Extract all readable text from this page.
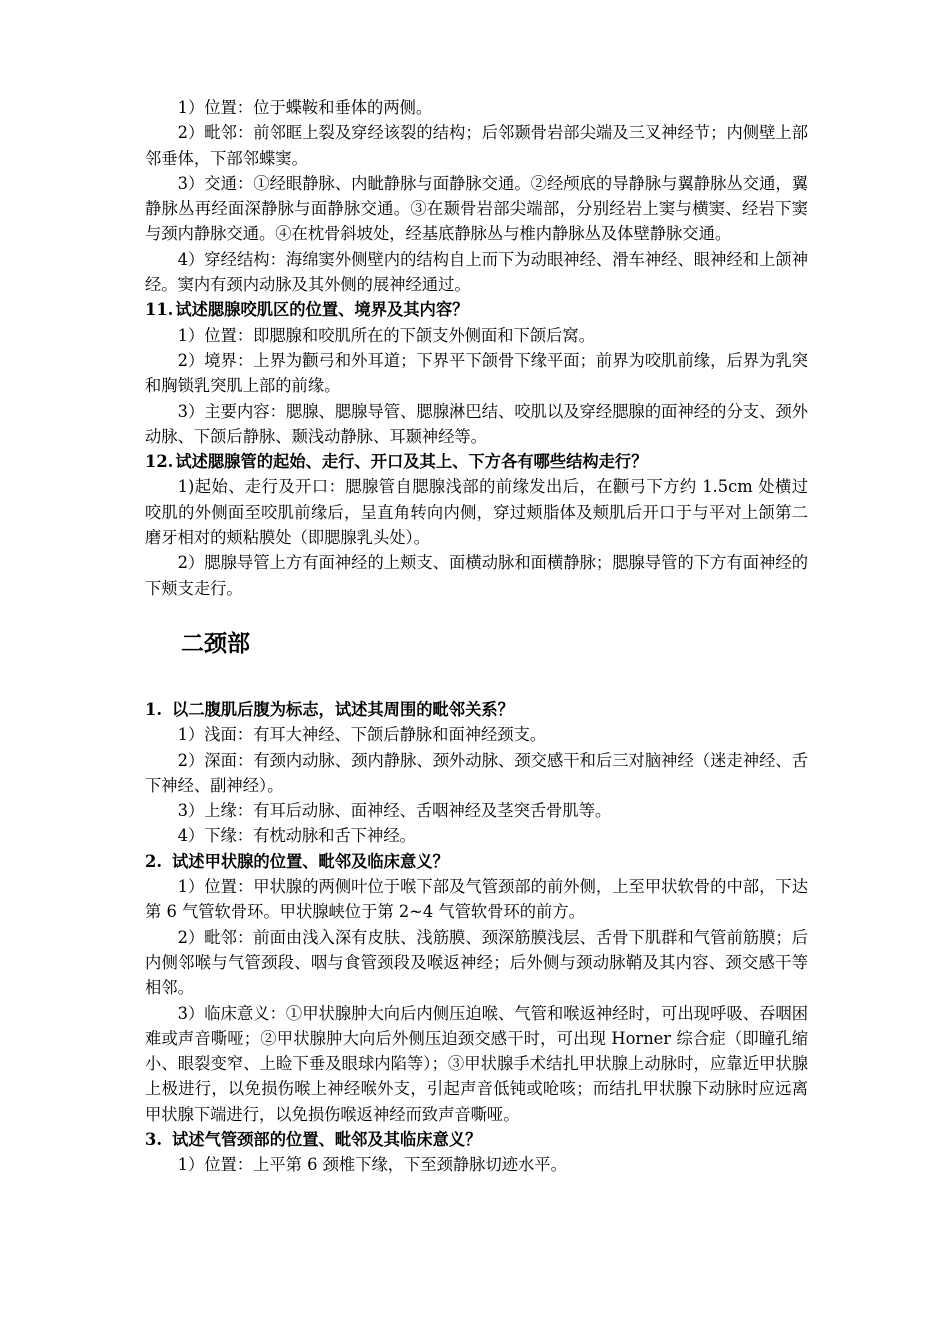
1）位置：位于蝶鞍和垂体的两侧。

2）毗邻：前邻眶上裂及穿经该裂的结构；后邻颞骨岩部尖端及三叉神经节；内侧壁上部邻垂体，下部邻蝶窦。

3）交通：①经眼静脉、内眦静脉与面静脉交通。②经颅底的导静脉与翼静脉丛交通，翼静脉丛再经面深静脉与面静脉交通。③在颞骨岩部尖端部，分别经岩上窦与横窦、经岩下窦与颈内静脉交通。④在枕骨斜坡处，经基底静脉丛与椎内静脉丛及体壁静脉交通。

4）穿经结构：海绵窦外侧壁内的结构自上而下为动眼神经、滑车神经、眼神经和上颌神经。窦内有颈内动脉及其外侧的展神经通过。

11. 试述腮腺咬肌区的位置、境界及其内容？

1）位置：即腮腺和咬肌所在的下颌支外侧面和下颌后窝。

2）境界：上界为颧弓和外耳道；下界平下颌骨下缘平面；前界为咬肌前缘，后界为乳突和胸锁乳突肌上部的前缘。

3）主要内容：腮腺、腮腺导管、腮腺淋巴结、咬肌以及穿经腮腺的面神经的分支、颈外动脉、下颌后静脉、颞浅动静脉、耳颞神经等。

12. 试述腮腺管的起始、走行、开口及其上、下方各有哪些结构走行？

1)起始、走行及开口：腮腺管自腮腺浅部的前缘发出后，在颧弓下方约 1.5cm 处横过咬肌的外侧面至咬肌前缘后，呈直角转向内侧，穿过颊脂体及颊肌后开口于与平对上颌第二磨牙相对的颊粘膜处（即腮腺乳头处）。

2）腮腺导管上方有面神经的上颊支、面横动脉和面横静脉；腮腺导管的下方有面神经的下颊支走行。

二颈部

1. 以二腹肌后腹为标志，试述其周围的毗邻关系？

1）浅面：有耳大神经、下颌后静脉和面神经颈支。

2）深面：有颈内动脉、颈内静脉、颈外动脉、颈交感干和后三对脑神经（迷走神经、舌下神经、副神经）。

3）上缘：有耳后动脉、面神经、舌咽神经及茎突舌骨肌等。

4）下缘：有枕动脉和舌下神经。

2. 试述甲状腺的位置、毗邻及临床意义？

1）位置：甲状腺的两侧叶位于喉下部及气管颈部的前外侧，上至甲状软骨的中部，下达第 6 气管软骨环。甲状腺峡位于第 2~4 气管软骨环的前方。

2）毗邻：前面由浅入深有皮肤、浅筋膜、颈深筋膜浅层、舌骨下肌群和气管前筋膜；后内侧邻喉与气管颈段、咽与食管颈段及喉返神经；后外侧与颈动脉鞘及其内容、颈交感干等相邻。

3）临床意义：①甲状腺肿大向后内侧压迫喉、气管和喉返神经时，可出现呼吸、吞咽困难或声音嘶哑；②甲状腺肿大向后外侧压迫颈交感干时，可出现 Horner 综合症（即瞳孔缩小、眼裂变窄、上睑下垂及眼球内陷等）；③甲状腺手术结扎甲状腺上动脉时，应靠近甲状腺上极进行，以免损伤喉上神经喉外支，引起声音低钝或呛咳；而结扎甲状腺下动脉时应远离甲状腺下端进行，以免损伤喉返神经而致声音嘶哑。

3. 试述气管颈部的位置、毗邻及其临床意义？

1）位置：上平第 6 颈椎下缘，下至颈静脉切迹水平。
